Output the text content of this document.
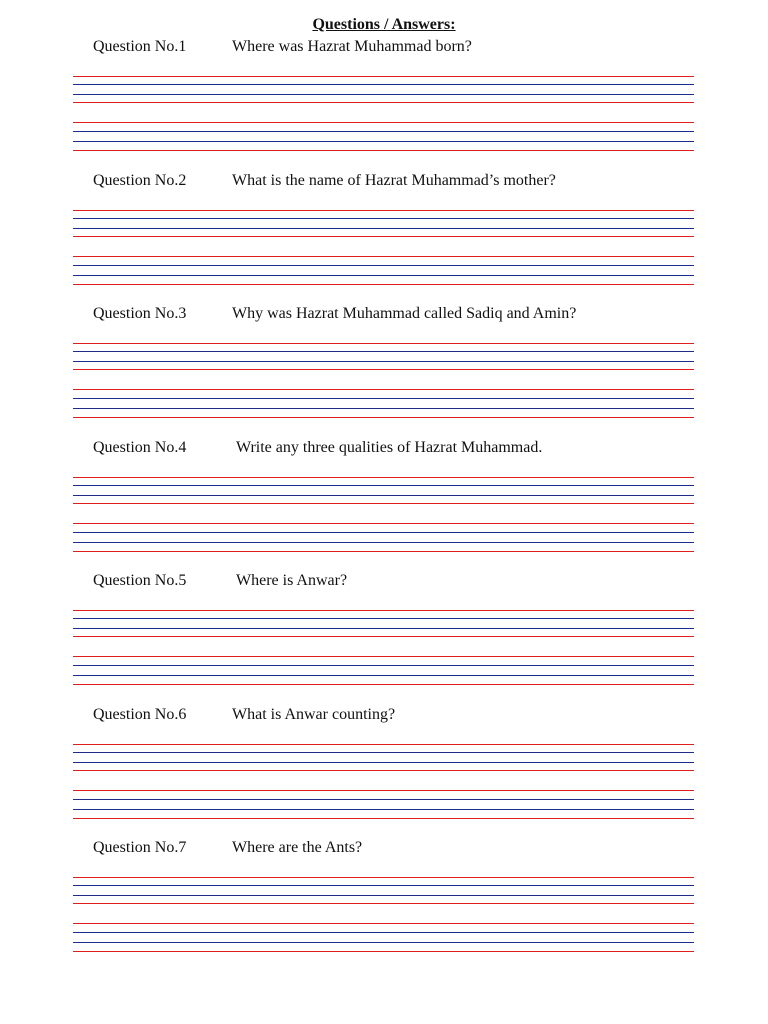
Questions / Answers:
Question No.1	Where was Hazrat Muhammad born?
Question No.2	What is the name of Hazrat Muhammad’s mother?
Question No.3	Why was Hazrat Muhammad called Sadiq and Amin?
Question No.4	Write any three qualities of Hazrat Muhammad.
Question No.5	Where is Anwar?
Question No.6	What is Anwar counting?
Question No.7	Where are the Ants?
